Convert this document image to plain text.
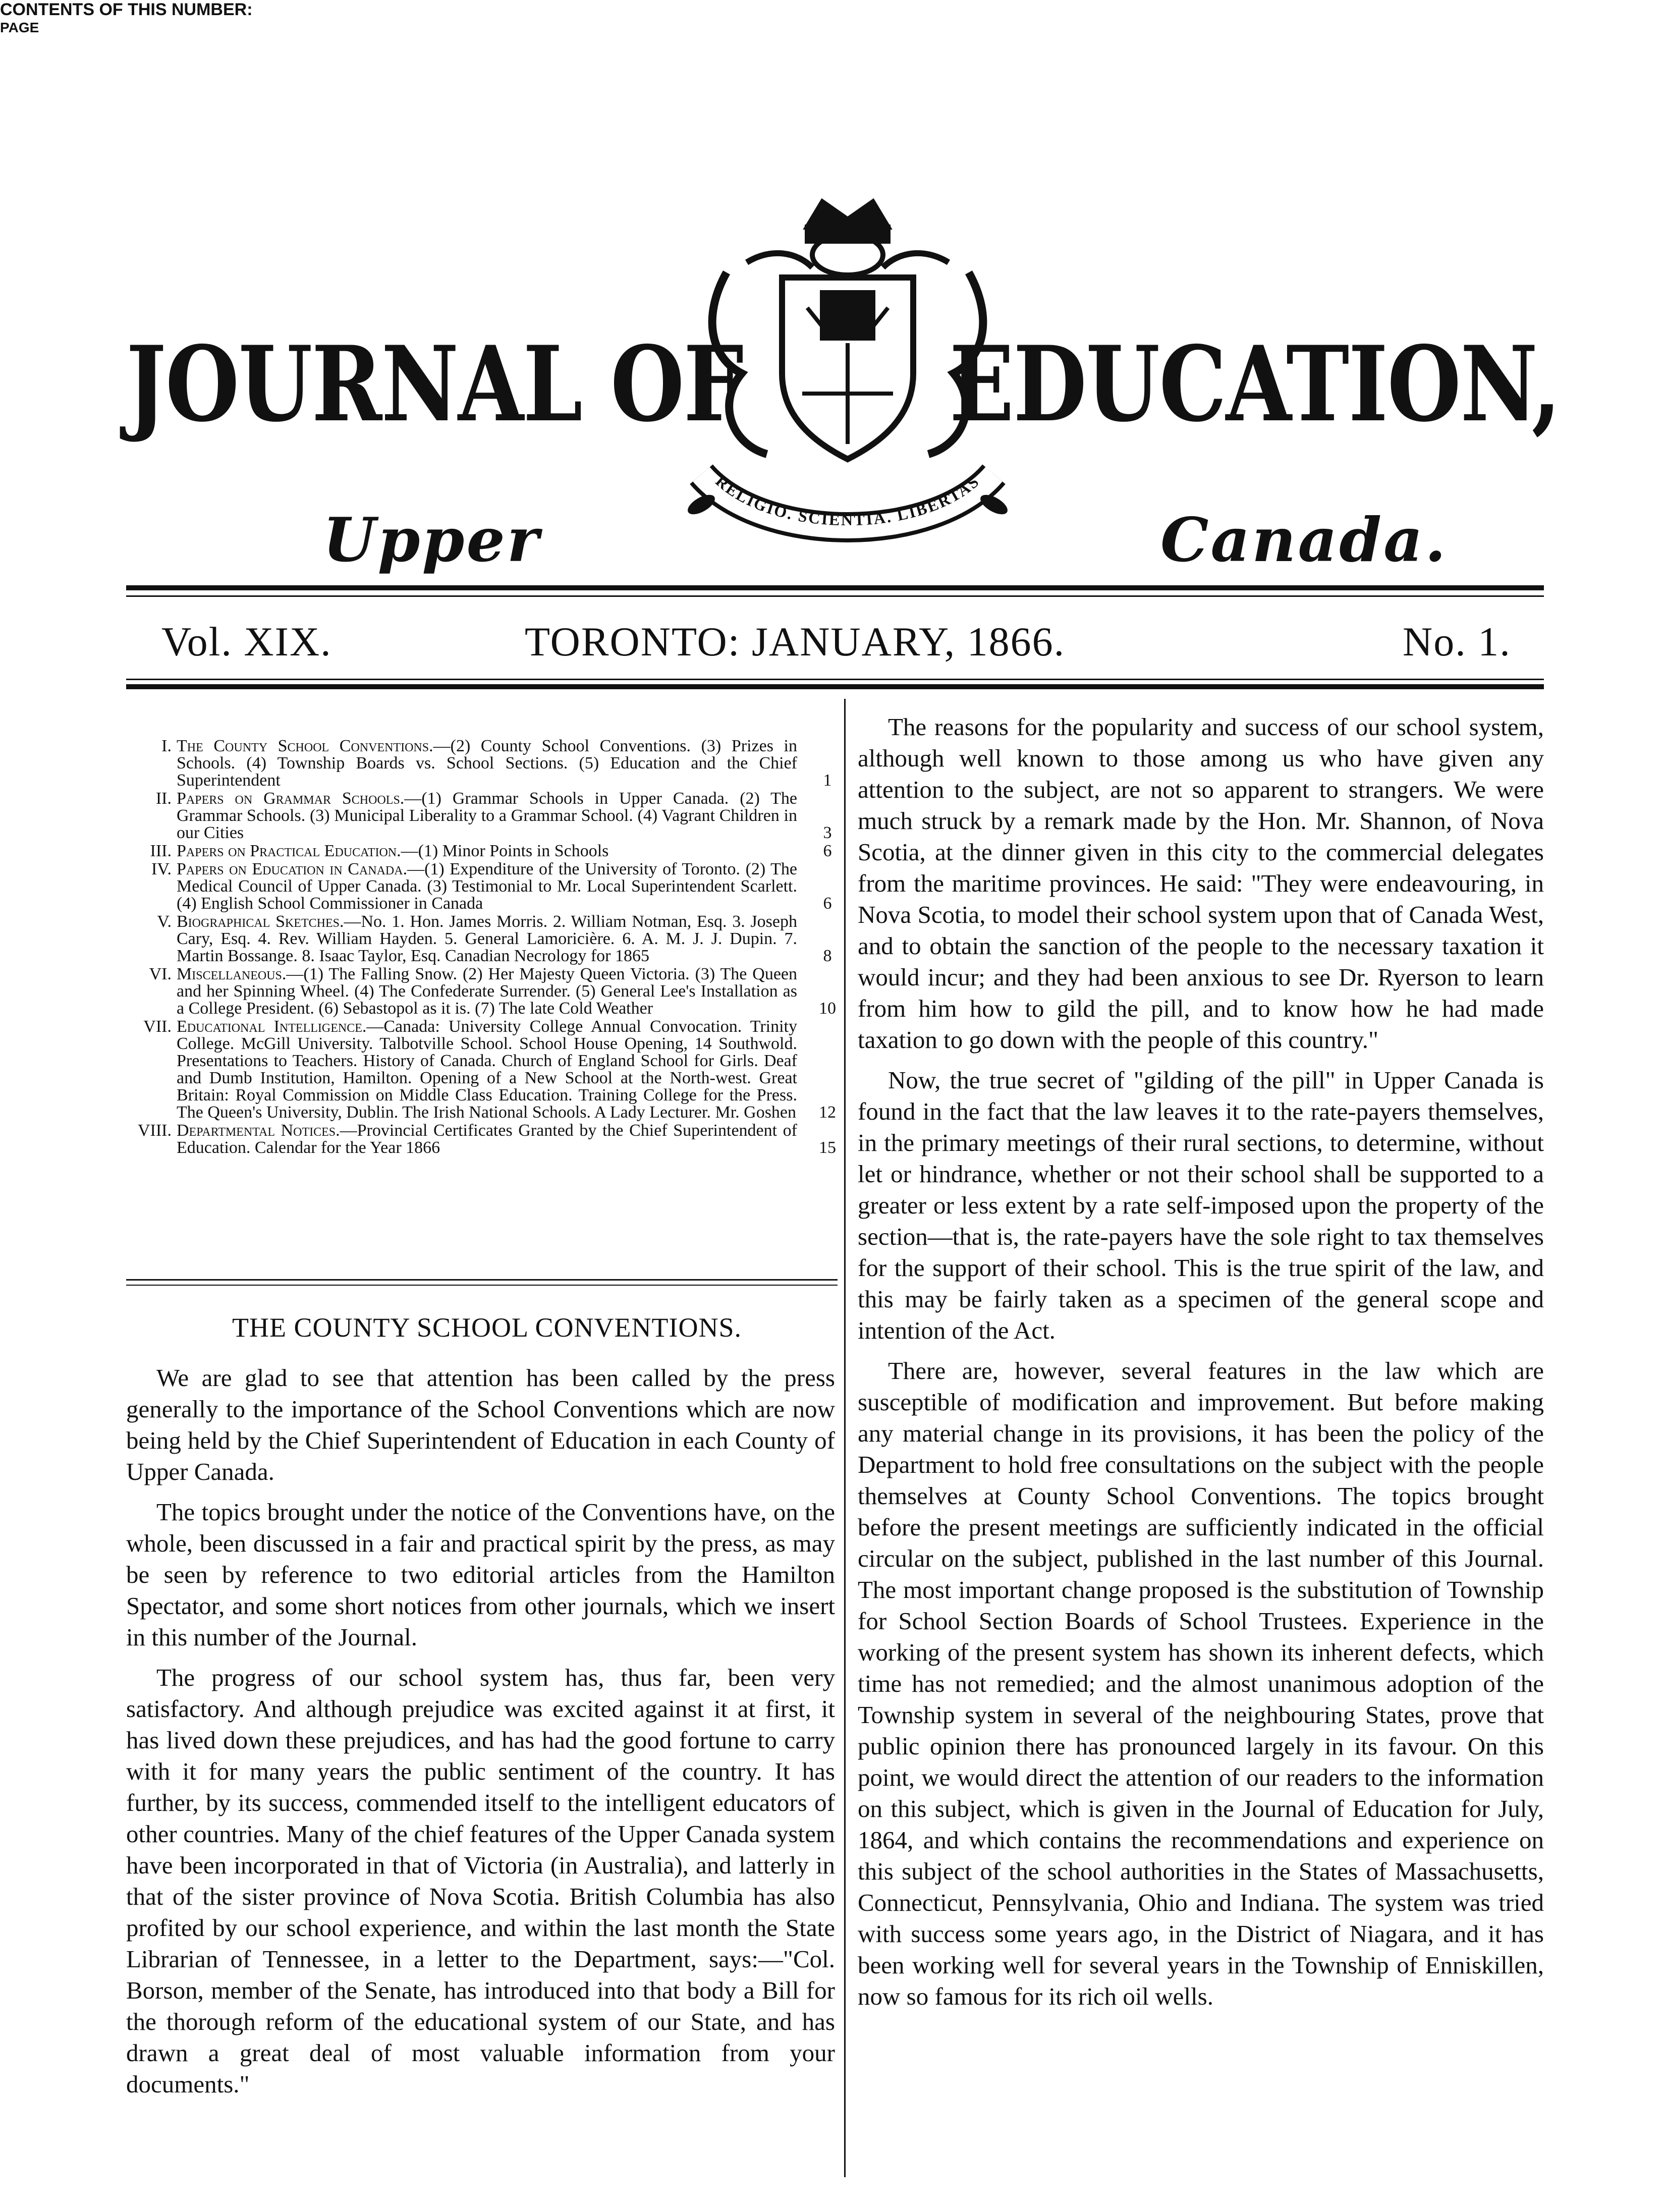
JOURNAL OF EDUCATION,
Upper	Canada.
RELIGIO. SCIENTIA. LIBERTAS
Vol. XIX.	TORONTO: JANUARY, 1866.	No. 1.
CONTENTS OF THIS NUMBER:
PAGE
I. The County School Conventions.—(2) County School Conventions. (3) Prizes in Schools. (4) Township Boards vs. School Sections. (5) Education and the Chief Superintendent	1
II. Papers on Grammar Schools.—(1) Grammar Schools in Upper Canada. (2) The Grammar Schools. (3) Municipal Liberality to a Grammar School. (4) Vagrant Children in our Cities	3
III. Papers on Practical Education.—(1) Minor Points in Schools	6
IV. Papers on Education in Canada.—(1) Expenditure of the University of Toronto. (2) The Medical Council of Upper Canada. (3) Testimonial to Mr. Local Superintendent Scarlett. (4) English School Commissioner in Canada	6
V. Biographical Sketches.—No. 1. Hon. James Morris. 2. William Notman, Esq. 3. Joseph Cary, Esq. 4. Rev. William Hayden. 5. General Lamoricière. 6. A. M. J. J. Dupin. 7. Martin Bossange. 8. Isaac Taylor, Esq. Canadian Necrology for 1865	8
VI. Miscellaneous.—(1) The Falling Snow. (2) Her Majesty Queen Victoria. (3) The Queen and her Spinning Wheel. (4) The Confederate Surrender. (5) General Lee's Installation as a College President. (6) Sebastopol as it is. (7) The late Cold Weather	10
VII. Educational Intelligence.—Canada: University College Annual Convocation. Trinity College. McGill University. Talbotville School. School House Opening, 14 Southwold. Presentations to Teachers. History of Canada. Church of England School for Girls. Deaf and Dumb Institution, Hamilton. Opening of a New School at the North-west. Great Britain: Royal Commission on Middle Class Education. Training College for the Press. The Queen's University, Dublin. The Irish National Schools. A Lady Lecturer. Mr. Goshen 12
VIII. Departmental Notices.—Provincial Certificates Granted by the Chief Superintendent of Education. Calendar for the Year 1866	15
THE COUNTY SCHOOL CONVENTIONS.

We are glad to see that attention has been called by the press generally to the importance of the School Conventions which are now being held by the Chief Superintendent of Education in each County of Upper Canada.

The topics brought under the notice of the Conventions have, on the whole, been discussed in a fair and practical spirit by the press, as may be seen by reference to two editorial articles from the Hamilton Spectator, and some short notices from other journals, which we insert in this number of the Journal.

The progress of our school system has, thus far, been very satisfactory. And although prejudice was excited against it at first, it has lived down these prejudices, and has had the good fortune to carry with it for many years the public sentiment of the country. It has further, by its success, commended itself to the intelligent educators of other countries. Many of the chief features of the Upper Canada system have been incorporated in that of Victoria (in Australia), and latterly in that of the sister province of Nova Scotia. British Columbia has also profited by our school experience, and within the last month the State Librarian of Tennessee, in a letter to the Department, says:—"Col. Borson, member of the Senate, has introduced into that body a Bill for the thorough reform of the educational system of our State, and has drawn a great deal of most valuable information from your documents."

The reasons for the popularity and success of our school system, although well known to those among us who have given any attention to the subject, are not so apparent to strangers. We were much struck by a remark made by the Hon. Mr. Shannon, of Nova Scotia, at the dinner given in this city to the commercial delegates from the maritime provinces. He said: "They were endeavouring, in Nova Scotia, to model their school system upon that of Canada West, and to obtain the sanction of the people to the necessary taxation it would incur; and they had been anxious to see Dr. Ryerson to learn from him how to gild the pill, and to know how he had made taxation to go down with the people of this country."

Now, the true secret of "gilding of the pill" in Upper Canada is found in the fact that the law leaves it to the rate-payers themselves, in the primary meetings of their rural sections, to determine, without let or hindrance, whether or not their school shall be supported to a greater or less extent by a rate self-imposed upon the property of the section—that is, the rate-payers have the sole right to tax themselves for the support of their school. This is the true spirit of the law, and this may be fairly taken as a specimen of the general scope and intention of the Act.

There are, however, several features in the law which are susceptible of modification and improvement. But before making any material change in its provisions, it has been the policy of the Department to hold free consultations on the subject with the people themselves at County School Conventions. The topics brought before the present meetings are sufficiently indicated in the official circular on the subject, published in the last number of this Journal. The most important change proposed is the substitution of Township for School Section Boards of School Trustees. Experience in the working of the present system has shown its inherent defects, which time has not remedied; and the almost unanimous adoption of the Township system in several of the neighbouring States, prove that public opinion there has pronounced largely in its favour. On this point, we would direct the attention of our readers to the information on this subject, which is given in the Journal of Education for July, 1864, and which contains the recommendations and experience on this subject of the school authorities in the States of Massachusetts, Connecticut, Pennsylvania, Ohio and Indiana. The system was tried with success some years ago, in the District of Niagara, and it has been working well for several years in the Township of Enniskillen, now so famous for its rich oil wells.
